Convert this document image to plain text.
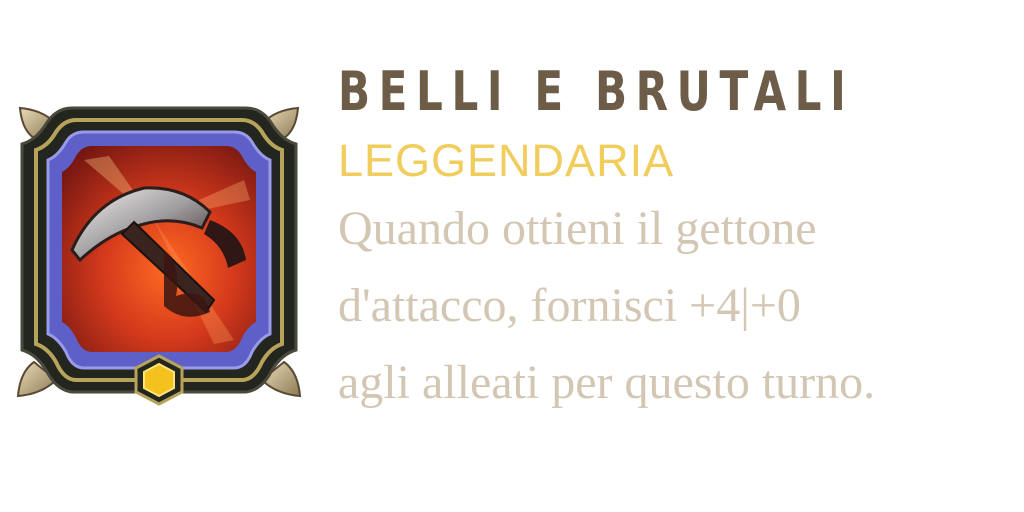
BELLI E BRUTALI
LEGGENDARIA
Quando ottieni il gettone
d'attacco, fornisci +4|+0
agli alleati per questo turno.
